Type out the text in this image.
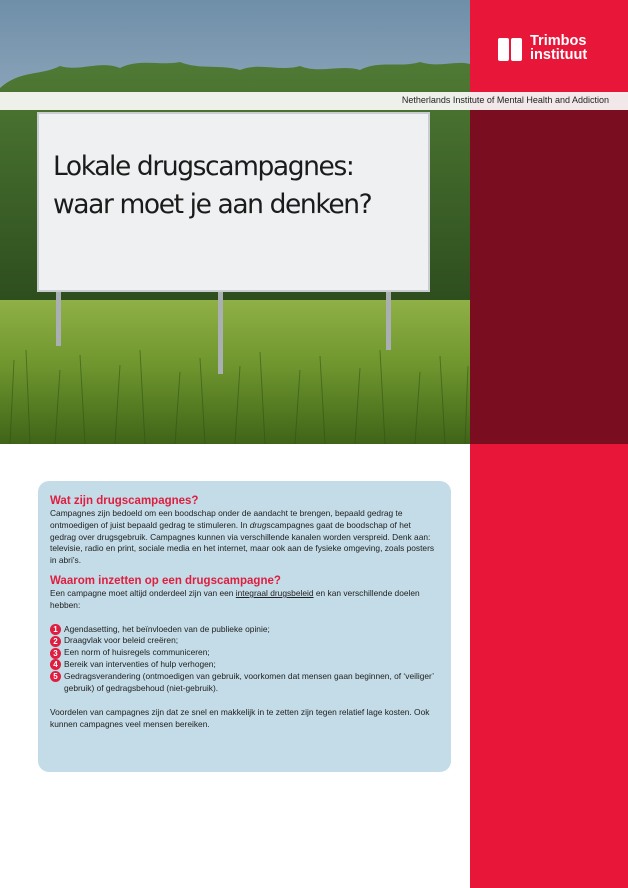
Trimbos
instituut
Netherlands Institute of Mental Health and Addiction
Lokale drugscampagnes:
waar moet je aan denken?
Wat zijn drugscampagnes?

Campagnes zijn bedoeld om een boodschap onder de aandacht te brengen, bepaald gedrag te ontmoedigen of juist bepaald gedrag te stimuleren. In drugscampagnes gaat de boodschap of het gedrag over drugsgebruik. Campagnes kunnen via verschillende kanalen worden verspreid. Denk aan: televisie, radio en print, sociale media en het internet, maar ook aan de fysieke omgeving, zoals posters in abri’s.

Waarom inzetten op een drugscampagne?

Een campagne moet altijd onderdeel zijn van een integraal drugsbeleid en kan verschillende doelen hebben:

1 Agendasetting, het beïnvloeden van de publieke opinie;
2 Draagvlak voor beleid creëren;
3 Een norm of huisregels communiceren;
4 Bereik van interventies of hulp verhogen;
5 Gedragsverandering (ontmoedigen van gebruik, voorkomen dat mensen gaan beginnen, of ‘veiliger’ gebruik) of gedragsbehoud (niet-gebruik).

Voordelen van campagnes zijn dat ze snel en makkelijk in te zetten zijn tegen relatief lage kosten. Ook kunnen campagnes veel mensen bereiken.
